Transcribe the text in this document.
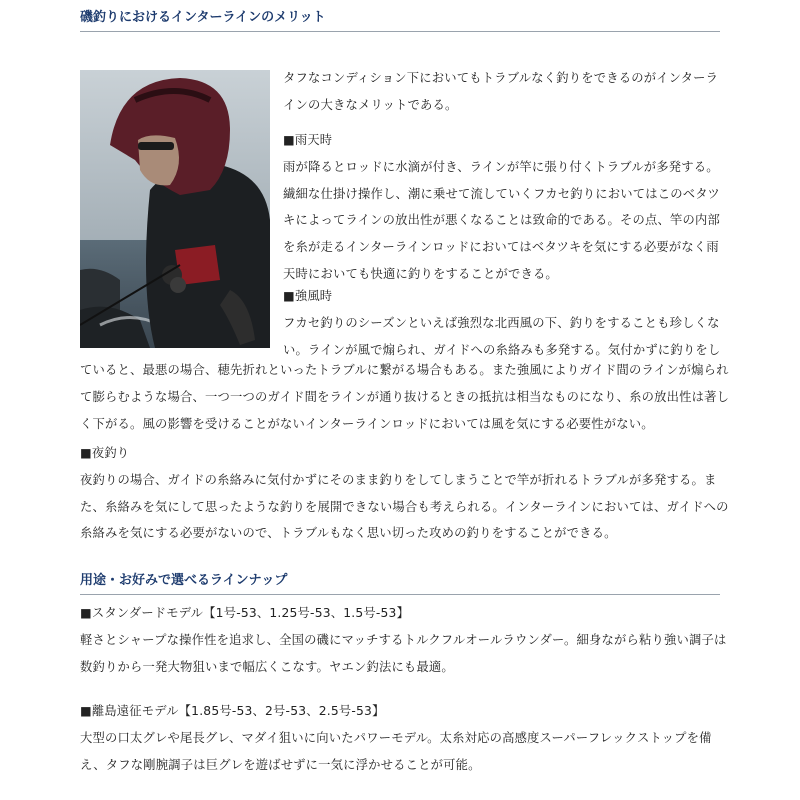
磯釣りにおけるインターラインのメリット
タフなコンディション下においてもトラブルなく釣りをできるのがインターラ
インの大きなメリットである。
■雨天時
雨が降るとロッドに水滴が付き、ラインが竿に張り付くトラブルが多発する。
繊細な仕掛け操作し、潮に乗せて流していくフカセ釣りにおいてはこのベタツ
キによってラインの放出性が悪くなることは致命的である。その点、竿の内部
を糸が走るインターラインロッドにおいてはベタツキを気にする必要がなく雨
天時においても快適に釣りをすることができる。
■強風時
フカセ釣りのシーズンといえば強烈な北西風の下、釣りをすることも珍しくな
い。ラインが風で煽られ、ガイドへの糸絡みも多発する。気付かずに釣りをし
ていると、最悪の場合、穂先折れといったトラブルに繋がる場合もある。また強風によりガイド間のラインが煽られ
て膨らむような場合、一つ一つのガイド間をラインが通り抜けるときの抵抗は相当なものになり、糸の放出性は著し
く下がる。風の影響を受けることがないインターラインロッドにおいては風を気にする必要性がない。
■夜釣り
夜釣りの場合、ガイドの糸絡みに気付かずにそのまま釣りをしてしまうことで竿が折れるトラブルが多発する。ま
た、糸絡みを気にして思ったような釣りを展開できない場合も考えられる。インターラインにおいては、ガイドへの
糸絡みを気にする必要がないので、トラブルもなく思い切った攻めの釣りをすることができる。
用途・お好みで選べるラインナップ
■スタンダードモデル【1号-53、1.25号-53、1.5号-53】
軽さとシャープな操作性を追求し、全国の磯にマッチするトルクフルオールラウンダー。細身ながら粘り強い調子は
数釣りから一発大物狙いまで幅広くこなす。ヤエン釣法にも最適。
■離島遠征モデル【1.85号-53、2号-53、2.5号-53】
大型の口太グレや尾長グレ、マダイ狙いに向いたパワーモデル。太糸対応の高感度スーパーフレックストップを備
え、タフな剛腕調子は巨グレを遊ばせずに一気に浮かせることが可能。
